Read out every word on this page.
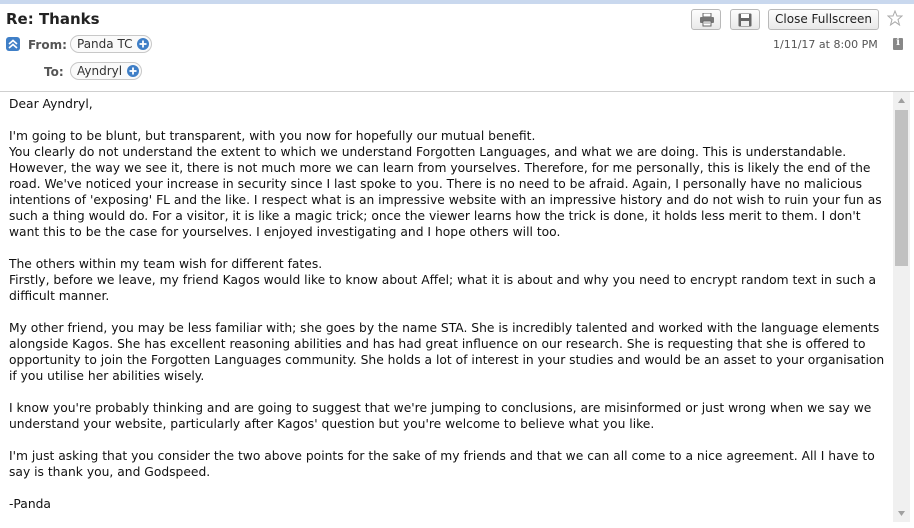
Re: Thanks	Close Fullscreen
From: Panda TC
To:	Ayndryl
1/11/17 at 8:00 PM	i

Dear Ayndryl,

I'm going to be blunt, but transparent, with you now for hopefully our mutual benefit.
You clearly do not understand the extent to which we understand Forgotten Languages, and what we are doing. This is understandable. However, the way we see it, there is not much more we can learn from yourselves. Therefore, for me personally, this is likely the end of the road. We've noticed your increase in security since I last spoke to you. There is no need to be afraid. Again, I personally have no malicious intentions of 'exposing' FL and the like. I respect what is an impressive website with an impressive history and do not wish to ruin your fun as such a thing would do. For a visitor, it is like a magic trick; once the viewer learns how the trick is done, it holds less merit to them. I don't want this to be the case for yourselves. I enjoyed investigating and I hope others will too.

The others within my team wish for different fates.
Firstly, before we leave, my friend Kagos would like to know about Affel; what it is about and why you need to encrypt random text in such a difficult manner.

My other friend, you may be less familiar with; she goes by the name STA. She is incredibly talented and worked with the language elements alongside Kagos. She has excellent reasoning abilities and has had great influence on our research. She is requesting that she is offered to opportunity to join the Forgotten Languages community. She holds a lot of interest in your studies and would be an asset to your organisation if you utilise her abilities wisely.

I know you're probably thinking and are going to suggest that we're jumping to conclusions, are misinformed or just wrong when we say we understand your website, particularly after Kagos' question but you're welcome to believe what you like.

I'm just asking that you consider the two above points for the sake of my friends and that we can all come to a nice agreement. All I have to say is thank you, and Godspeed.

-Panda
